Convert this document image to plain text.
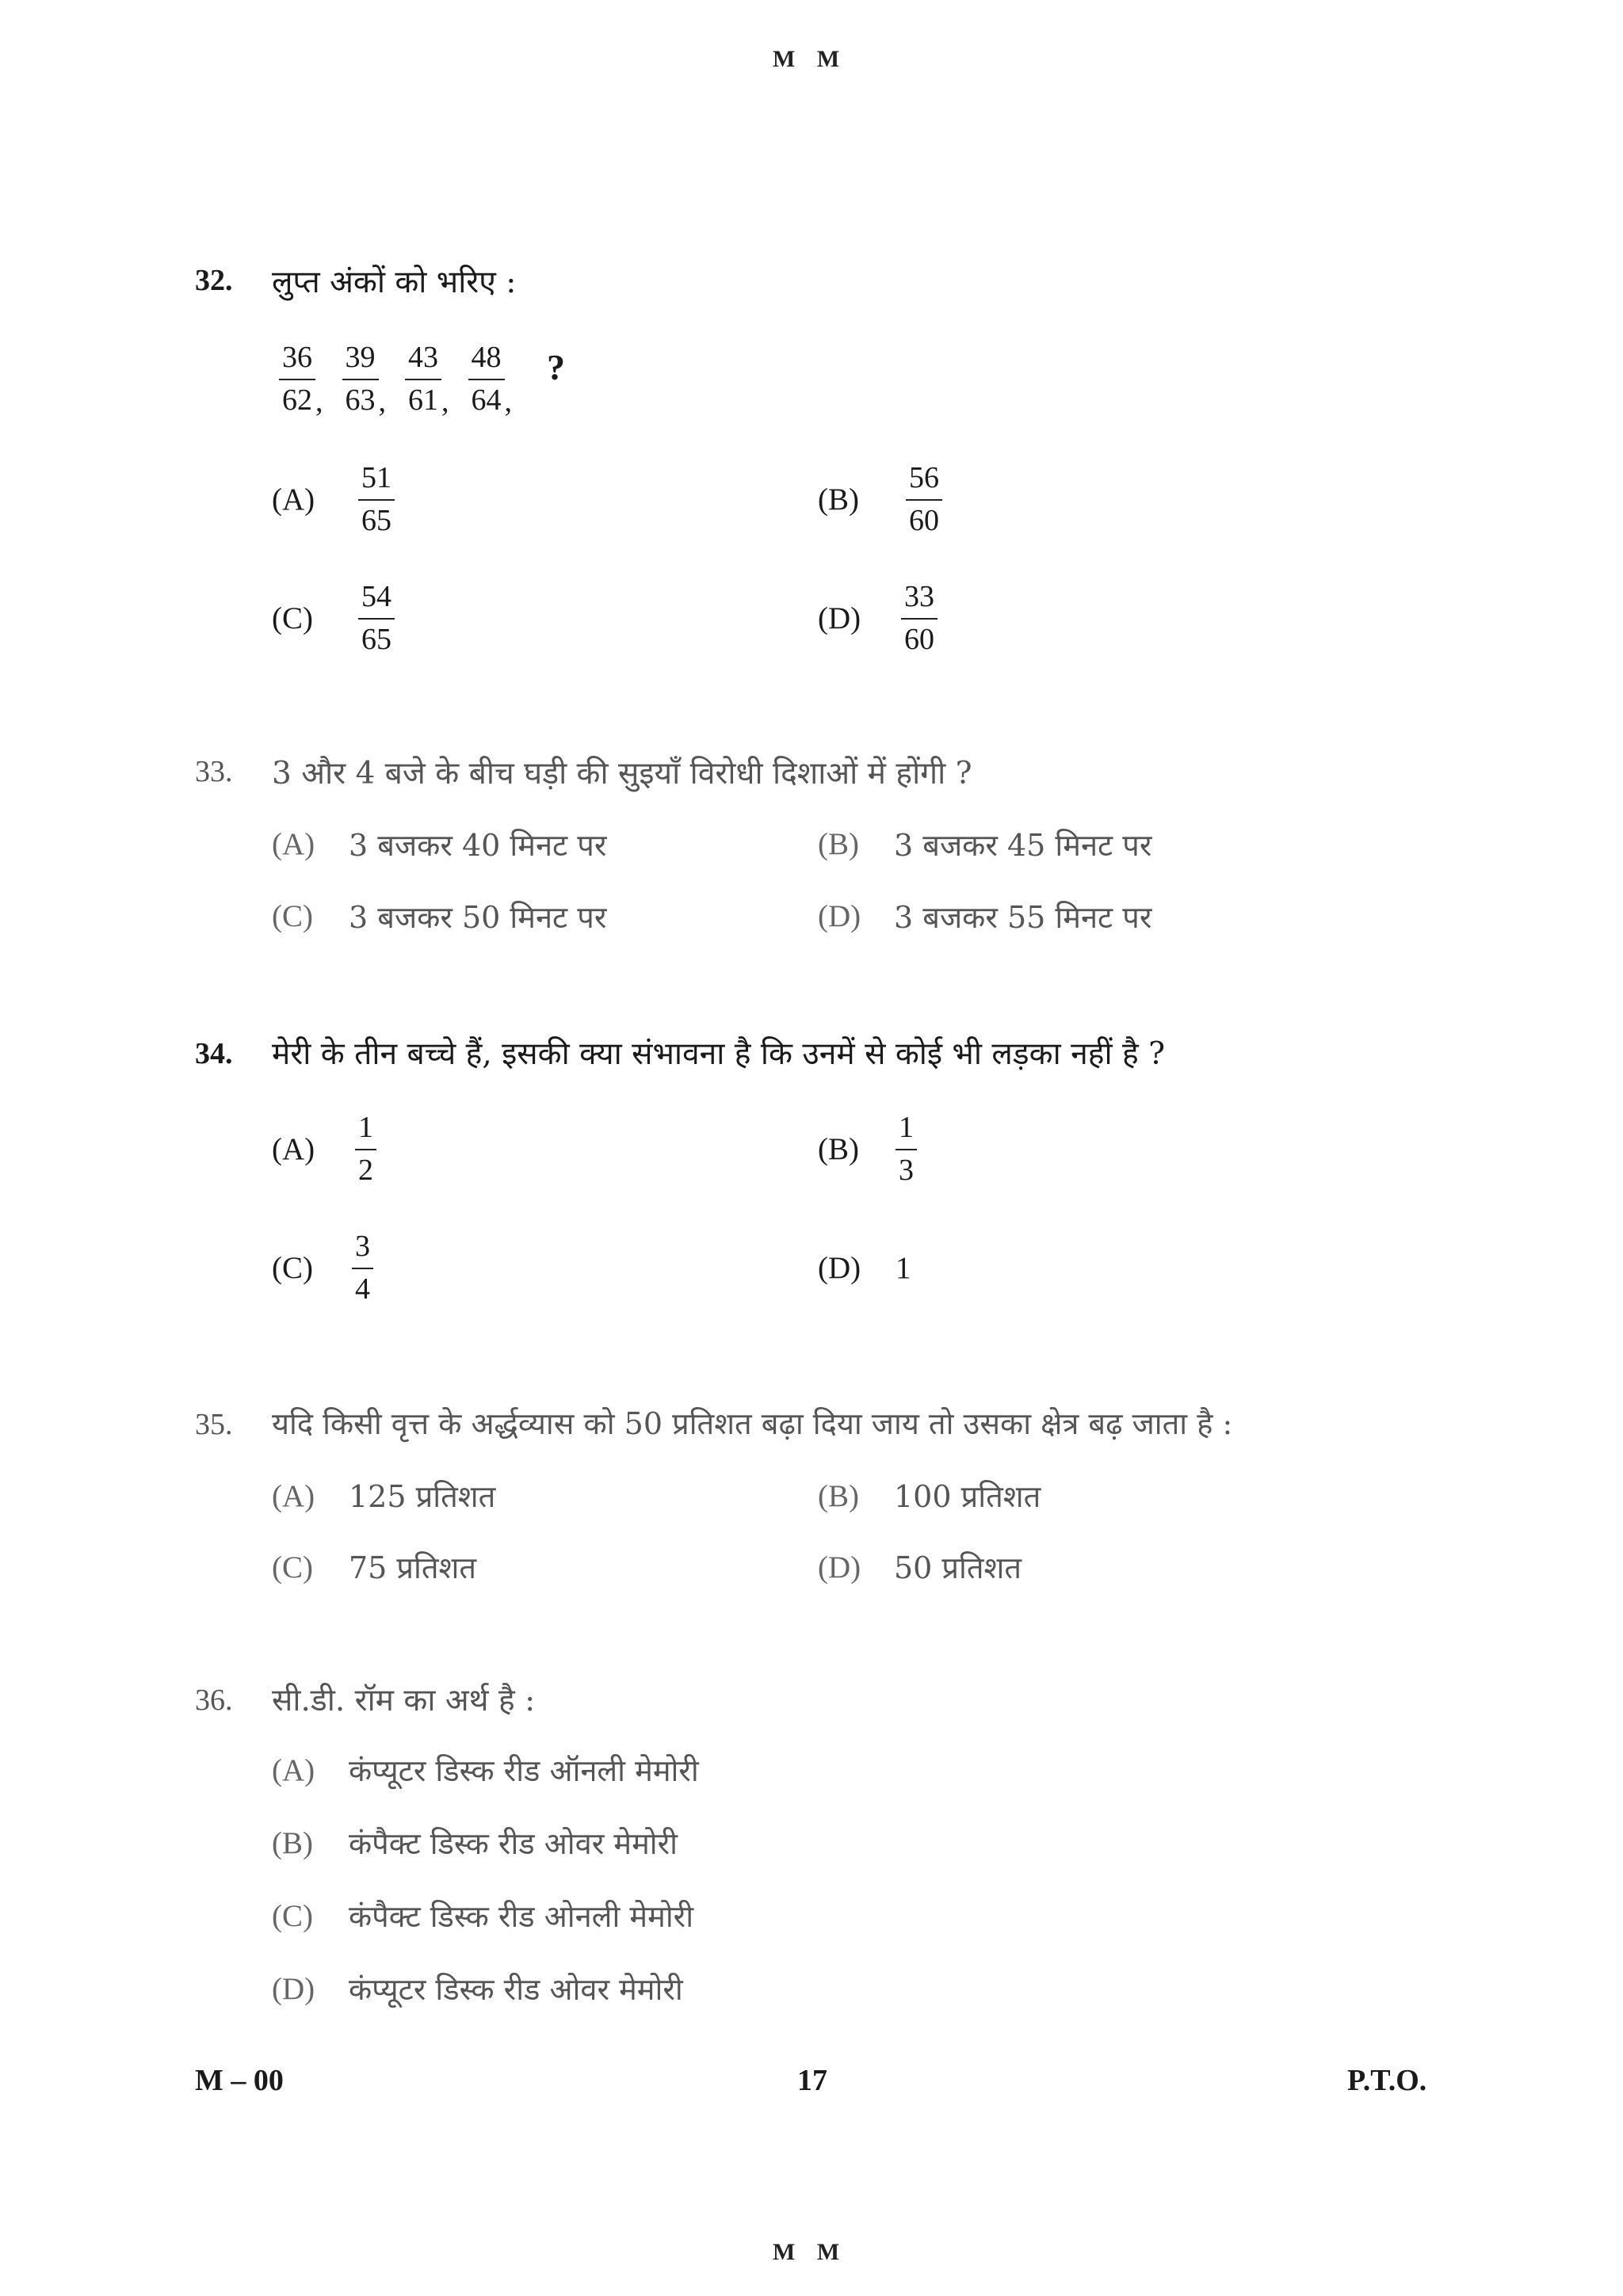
M M
32. लुप्त अंकों को भरिए :
$\frac{36}{62}$ , $\frac{39}{63}$ , $\frac{43}{61}$ , $\frac{48}{64}$ ,
?
$(A) \frac{51}{65}$	$(B) \frac{56}{60}$
$(C) \frac{54}{65}$	$(D) \frac{33}{60}$
33. 3 और 4 बजे के बीच घड़ी की सुइयाँ विरोधी दिशाओं में होंगी ?
(A) 3 बजकर 40 मिनट पर	(B) 3 बजकर 45 मिनट पर
(C) 3 बजकर 50 मिनट पर	(D) 3 बजकर 55 मिनट पर
34. मेरी के तीन बच्चे हैं, इसकी क्या संभावना है कि उनमें से कोई भी लड़का नहीं है ?
$(A) \frac{1}{2}$	$(B) \frac{1}{3}$
$(C) \frac{3}{4}$	(D) 1
35. यदि किसी वृत्त के अर्द्धव्यास को 50 प्रतिशत बढ़ा दिया जाय तो उसका क्षेत्र बढ़ जाता है :
(A) 125 प्रतिशत	(B) 100 प्रतिशत
(C) 75 प्रतिशत	(D) 50 प्रतिशत
36. सी.डी. रॉम का अर्थ है :
(A) कंप्यूटर डिस्क रीड ऑनली मेमोरी
(B) कंपैक्ट डिस्क रीड ओवर मेमोरी
(C) कंपैक्ट डिस्क रीड ओनली मेमोरी
(D) कंप्यूटर डिस्क रीड ओवर मेमोरी
M – 00	17	P.T.O.
M M
